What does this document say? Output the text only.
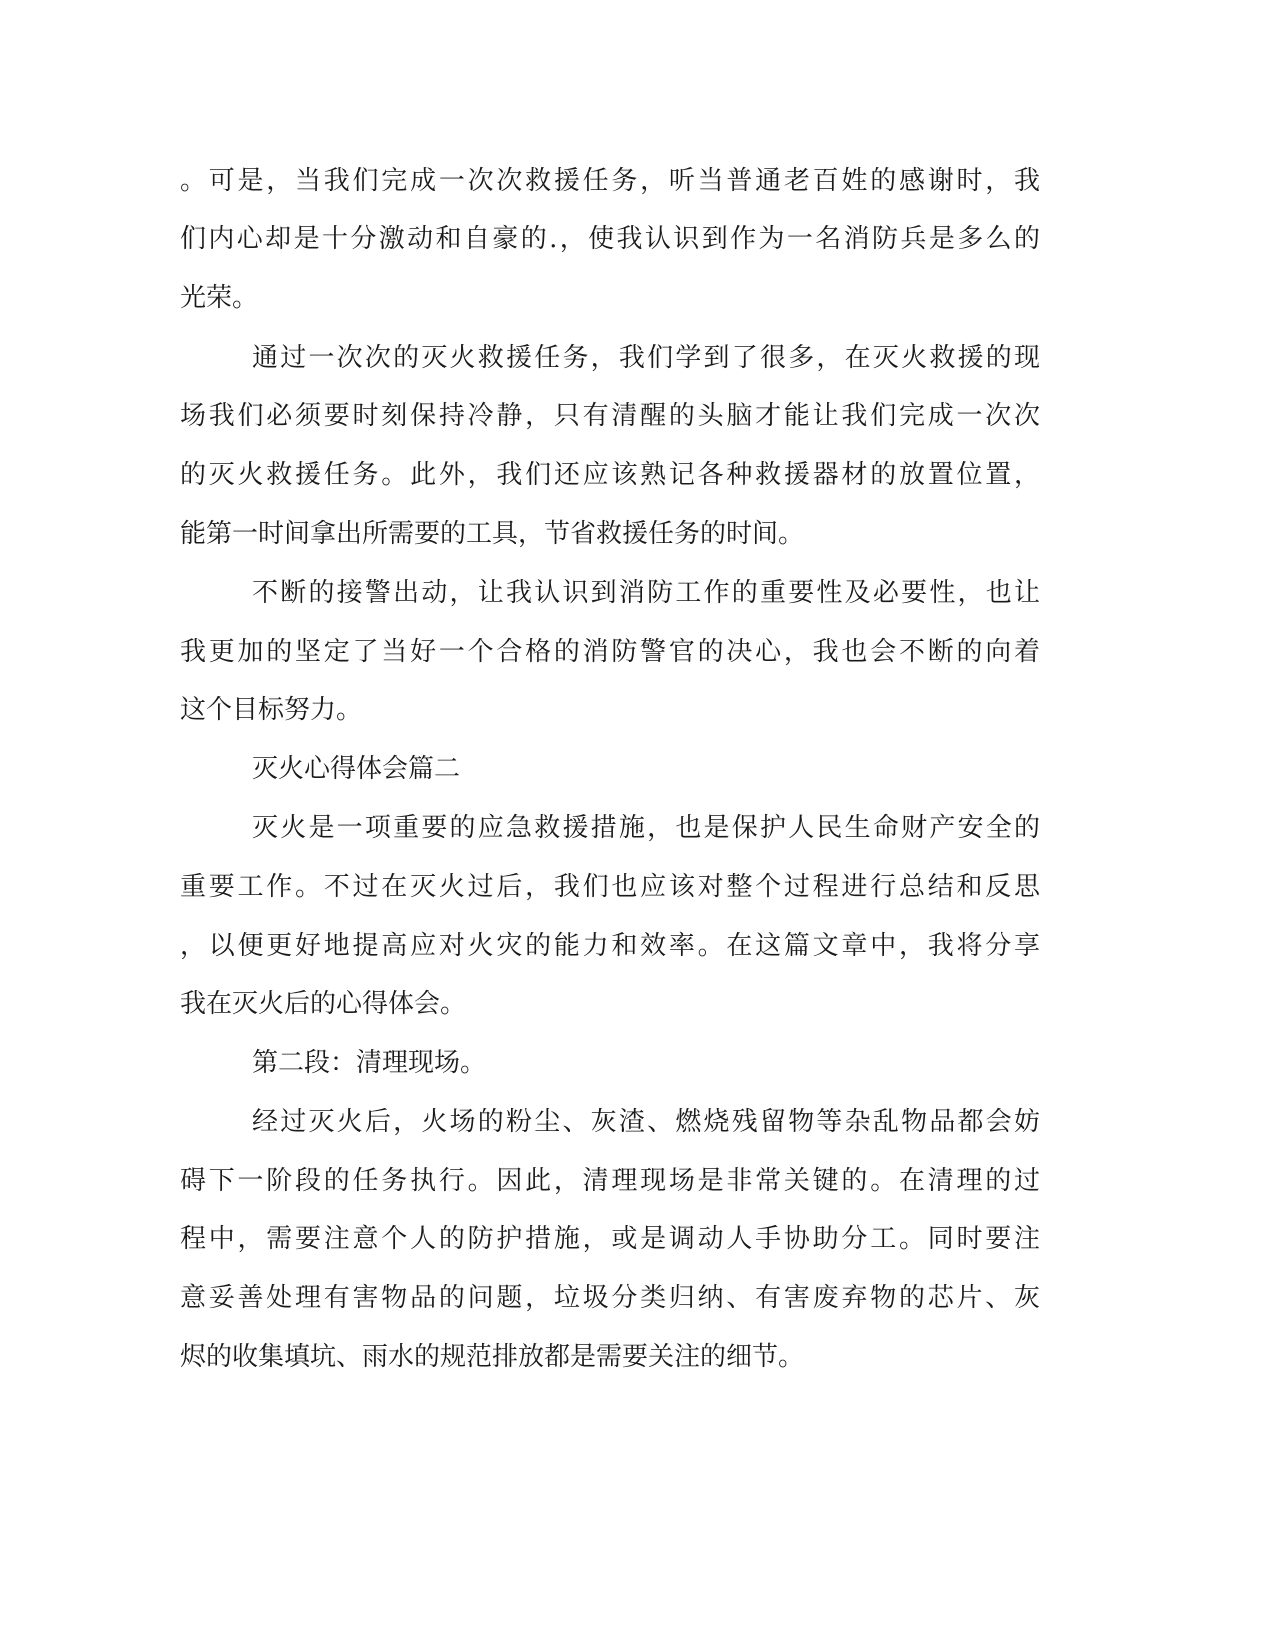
。可是，当我们完成一次次救援任务，听当普通老百姓的感谢时，我
们内心却是十分激动和自豪的.，使我认识到作为一名消防兵是多么的
光荣。
通过一次次的灭火救援任务，我们学到了很多，在灭火救援的现
场我们必须要时刻保持冷静，只有清醒的头脑才能让我们完成一次次
的灭火救援任务。此外，我们还应该熟记各种救援器材的放置位置，
能第一时间拿出所需要的工具，节省救援任务的时间。
不断的接警出动，让我认识到消防工作的重要性及必要性，也让
我更加的坚定了当好一个合格的消防警官的决心，我也会不断的向着
这个目标努力。
灭火心得体会篇二
灭火是一项重要的应急救援措施，也是保护人民生命财产安全的
重要工作。不过在灭火过后，我们也应该对整个过程进行总结和反思
，以便更好地提高应对火灾的能力和效率。在这篇文章中，我将分享
我在灭火后的心得体会。
第二段：清理现场。
经过灭火后，火场的粉尘、灰渣、燃烧残留物等杂乱物品都会妨
碍下一阶段的任务执行。因此，清理现场是非常关键的。在清理的过
程中，需要注意个人的防护措施，或是调动人手协助分工。同时要注
意妥善处理有害物品的问题，垃圾分类归纳、有害废弃物的芯片、灰
烬的收集填坑、雨水的规范排放都是需要关注的细节。
